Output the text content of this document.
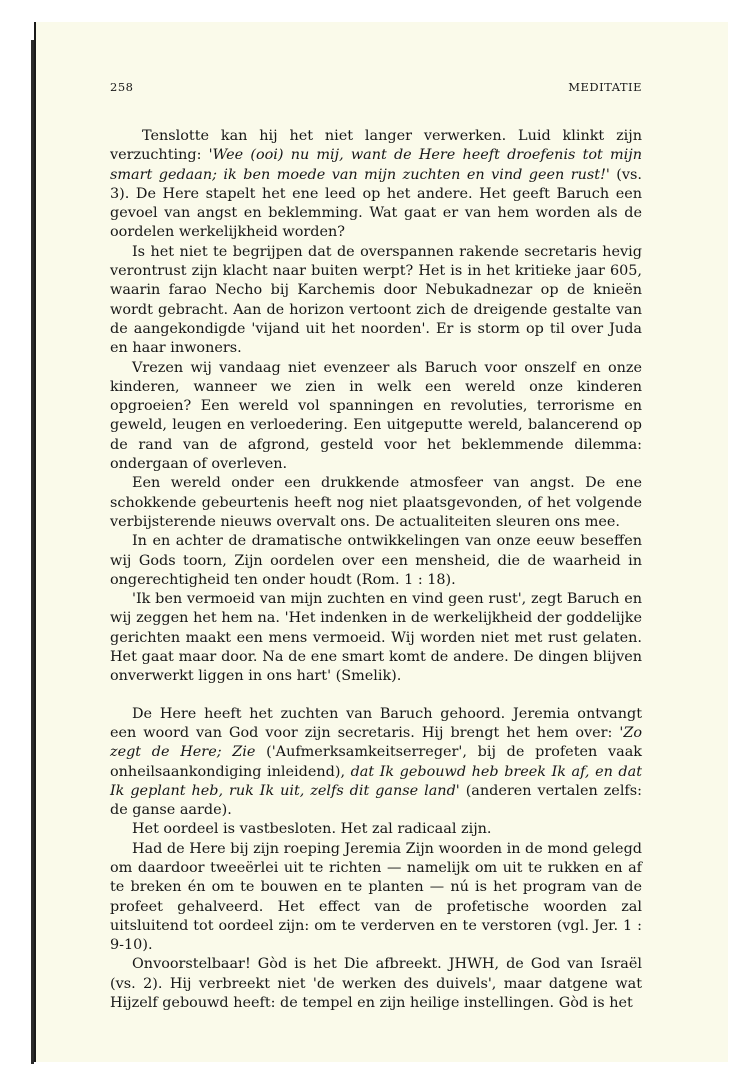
258	MEDITATIE

Tenslotte kan hij het niet langer verwerken. Luid klinkt zijn verzuchting: 'Wee (ooi) nu mij, want de Here heeft droefenis tot mijn smart gedaan; ik ben moede van mijn zuchten en vind geen rust!' (vs. 3). De Here stapelt het ene leed op het andere. Het geeft Baruch een gevoel van angst en beklemming. Wat gaat er van hem worden als de oordelen werkelijkheid worden?

Is het niet te begrijpen dat de overspannen rakende secretaris hevig verontrust zijn klacht naar buiten werpt? Het is in het kritieke jaar 605, waarin farao Necho bij Karchemis door Nebukadnezar op de knieën wordt gebracht. Aan de horizon vertoont zich de dreigende gestalte van de aangekondigde 'vijand uit het noorden'. Er is storm op til over Juda en haar inwoners.

Vrezen wij vandaag niet evenzeer als Baruch voor onszelf en onze kinderen, wanneer we zien in welk een wereld onze kinderen opgroeien? Een wereld vol spanningen en revoluties, terrorisme en geweld, leugen en verloedering. Een uitgeputte wereld, balancerend op de rand van de afgrond, gesteld voor het beklemmende dilemma: ondergaan of overleven.

Een wereld onder een drukkende atmosfeer van angst. De ene schokkende gebeurtenis heeft nog niet plaatsgevonden, of het volgende verbijsterende nieuws overvalt ons. De actualiteiten sleuren ons mee.

In en achter de dramatische ontwikkelingen van onze eeuw beseffen wij Gods toorn, Zijn oordelen over een mensheid, die de waarheid in ongerechtigheid ten onder houdt (Rom. 1 : 18).

'Ik ben vermoeid van mijn zuchten en vind geen rust', zegt Baruch en wij zeggen het hem na. 'Het indenken in de werkelijkheid der goddelijke gerichten maakt een mens vermoeid. Wij worden niet met rust gelaten. Het gaat maar door. Na de ene smart komt de andere. De dingen blijven onverwerkt liggen in ons hart' (Smelik).

De Here heeft het zuchten van Baruch gehoord. Jeremia ontvangt een woord van God voor zijn secretaris. Hij brengt het hem over: 'Zo zegt de Here; Zie ('Aufmerksamkeitserreger', bij de profeten vaak onheilsaankondiging inleidend), dat Ik gebouwd heb breek Ik af, en dat Ik geplant heb, ruk Ik uit, zelfs dit ganse land' (anderen vertalen zelfs: de ganse aarde).

Het oordeel is vastbesloten. Het zal radicaal zijn.

Had de Here bij zijn roeping Jeremia Zijn woorden in de mond gelegd om daardoor tweeërlei uit te richten — namelijk om uit te rukken en af te breken én om te bouwen en te planten — nú is het program van de profeet gehalveerd. Het effect van de profetische woorden zal uitsluitend tot oordeel zijn: om te verderven en te verstoren (vgl. Jer. 1 : 9-10).

Onvoorstelbaar! Gòd is het Die afbreekt. JHWH, de God van Israël (vs. 2). Hij verbreekt niet 'de werken des duivels', maar datgene wat Hijzelf gebouwd heeft: de tempel en zijn heilige instellingen. Gòd is het
